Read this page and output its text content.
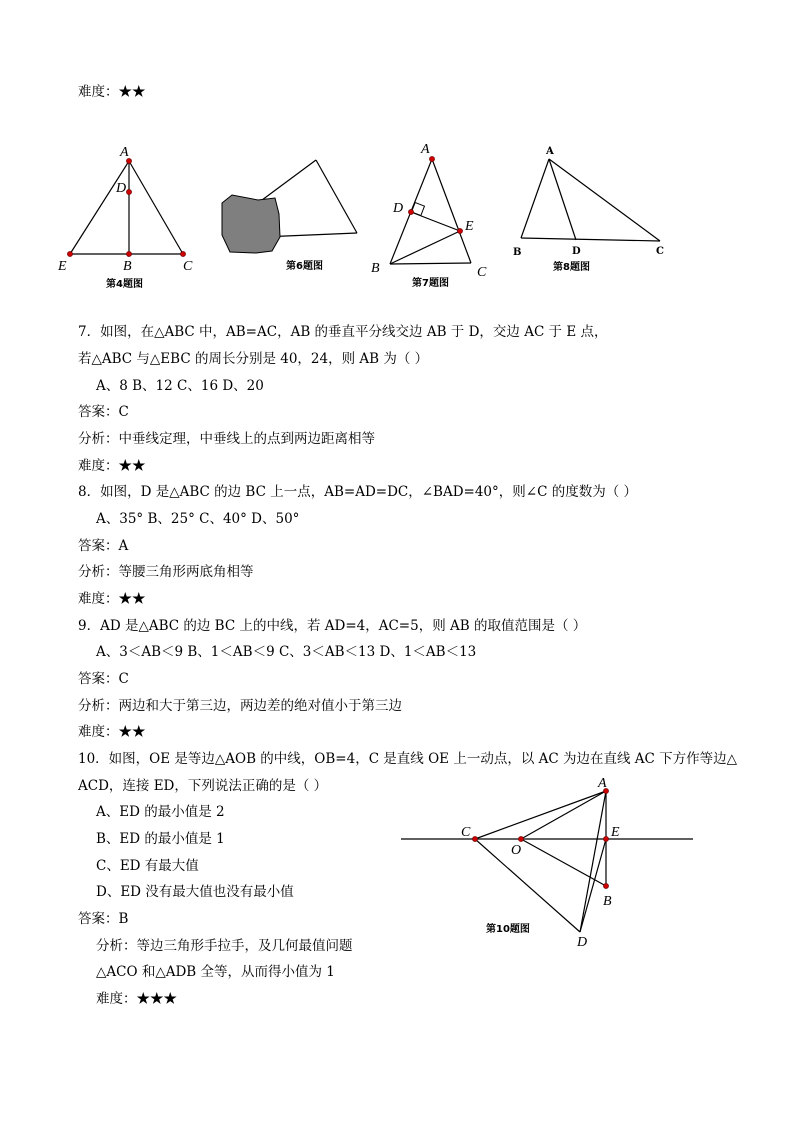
难度：★★
A
D
E	B	C
第4题图
第6题图
A
D
E
B	C
第7题图
A
B	D	C
第8题图
A
C
O
E
B
D
第10题图
7．如图，在△ABC 中，AB=AC，AB 的垂直平分线交边 AB 于 D，交边 AC 于 E 点，
若△ABC 与△EBC 的周长分别是 40，24，则 AB 为（ ）
A、8 B、12 C、16 D、20
答案：C
分析：中垂线定理，中垂线上的点到两边距离相等
难度：★★
8．如图，D 是△ABC 的边 BC 上一点，AB=AD=DC，∠BAD=40°，则∠C 的度数为（ ）
A、35° B、25° C、40° D、50°
答案：A
分析：等腰三角形两底角相等
难度：★★
9．AD 是△ABC 的边 BC 上的中线，若 AD=4，AC=5，则 AB 的取值范围是（ ）
A、3＜AB＜9 B、1＜AB＜9 C、3＜AB＜13 D、1＜AB＜13
答案：C
分析：两边和大于第三边，两边差的绝对值小于第三边
难度：★★
10．如图，OE 是等边△AOB 的中线，OB=4，C 是直线 OE 上一动点，以 AC 为边在直线 AC 下方作等边△
ACD，连接 ED，下列说法正确的是（ ）
A、ED 的最小值是 2
B、ED 的最小值是 1
C、ED 有最大值
D、ED 没有最大值也没有最小值
答案：B
分析：等边三角形手拉手，及几何最值问题
△ACO 和△ADB 全等，从而得小值为 1
难度：★★★
